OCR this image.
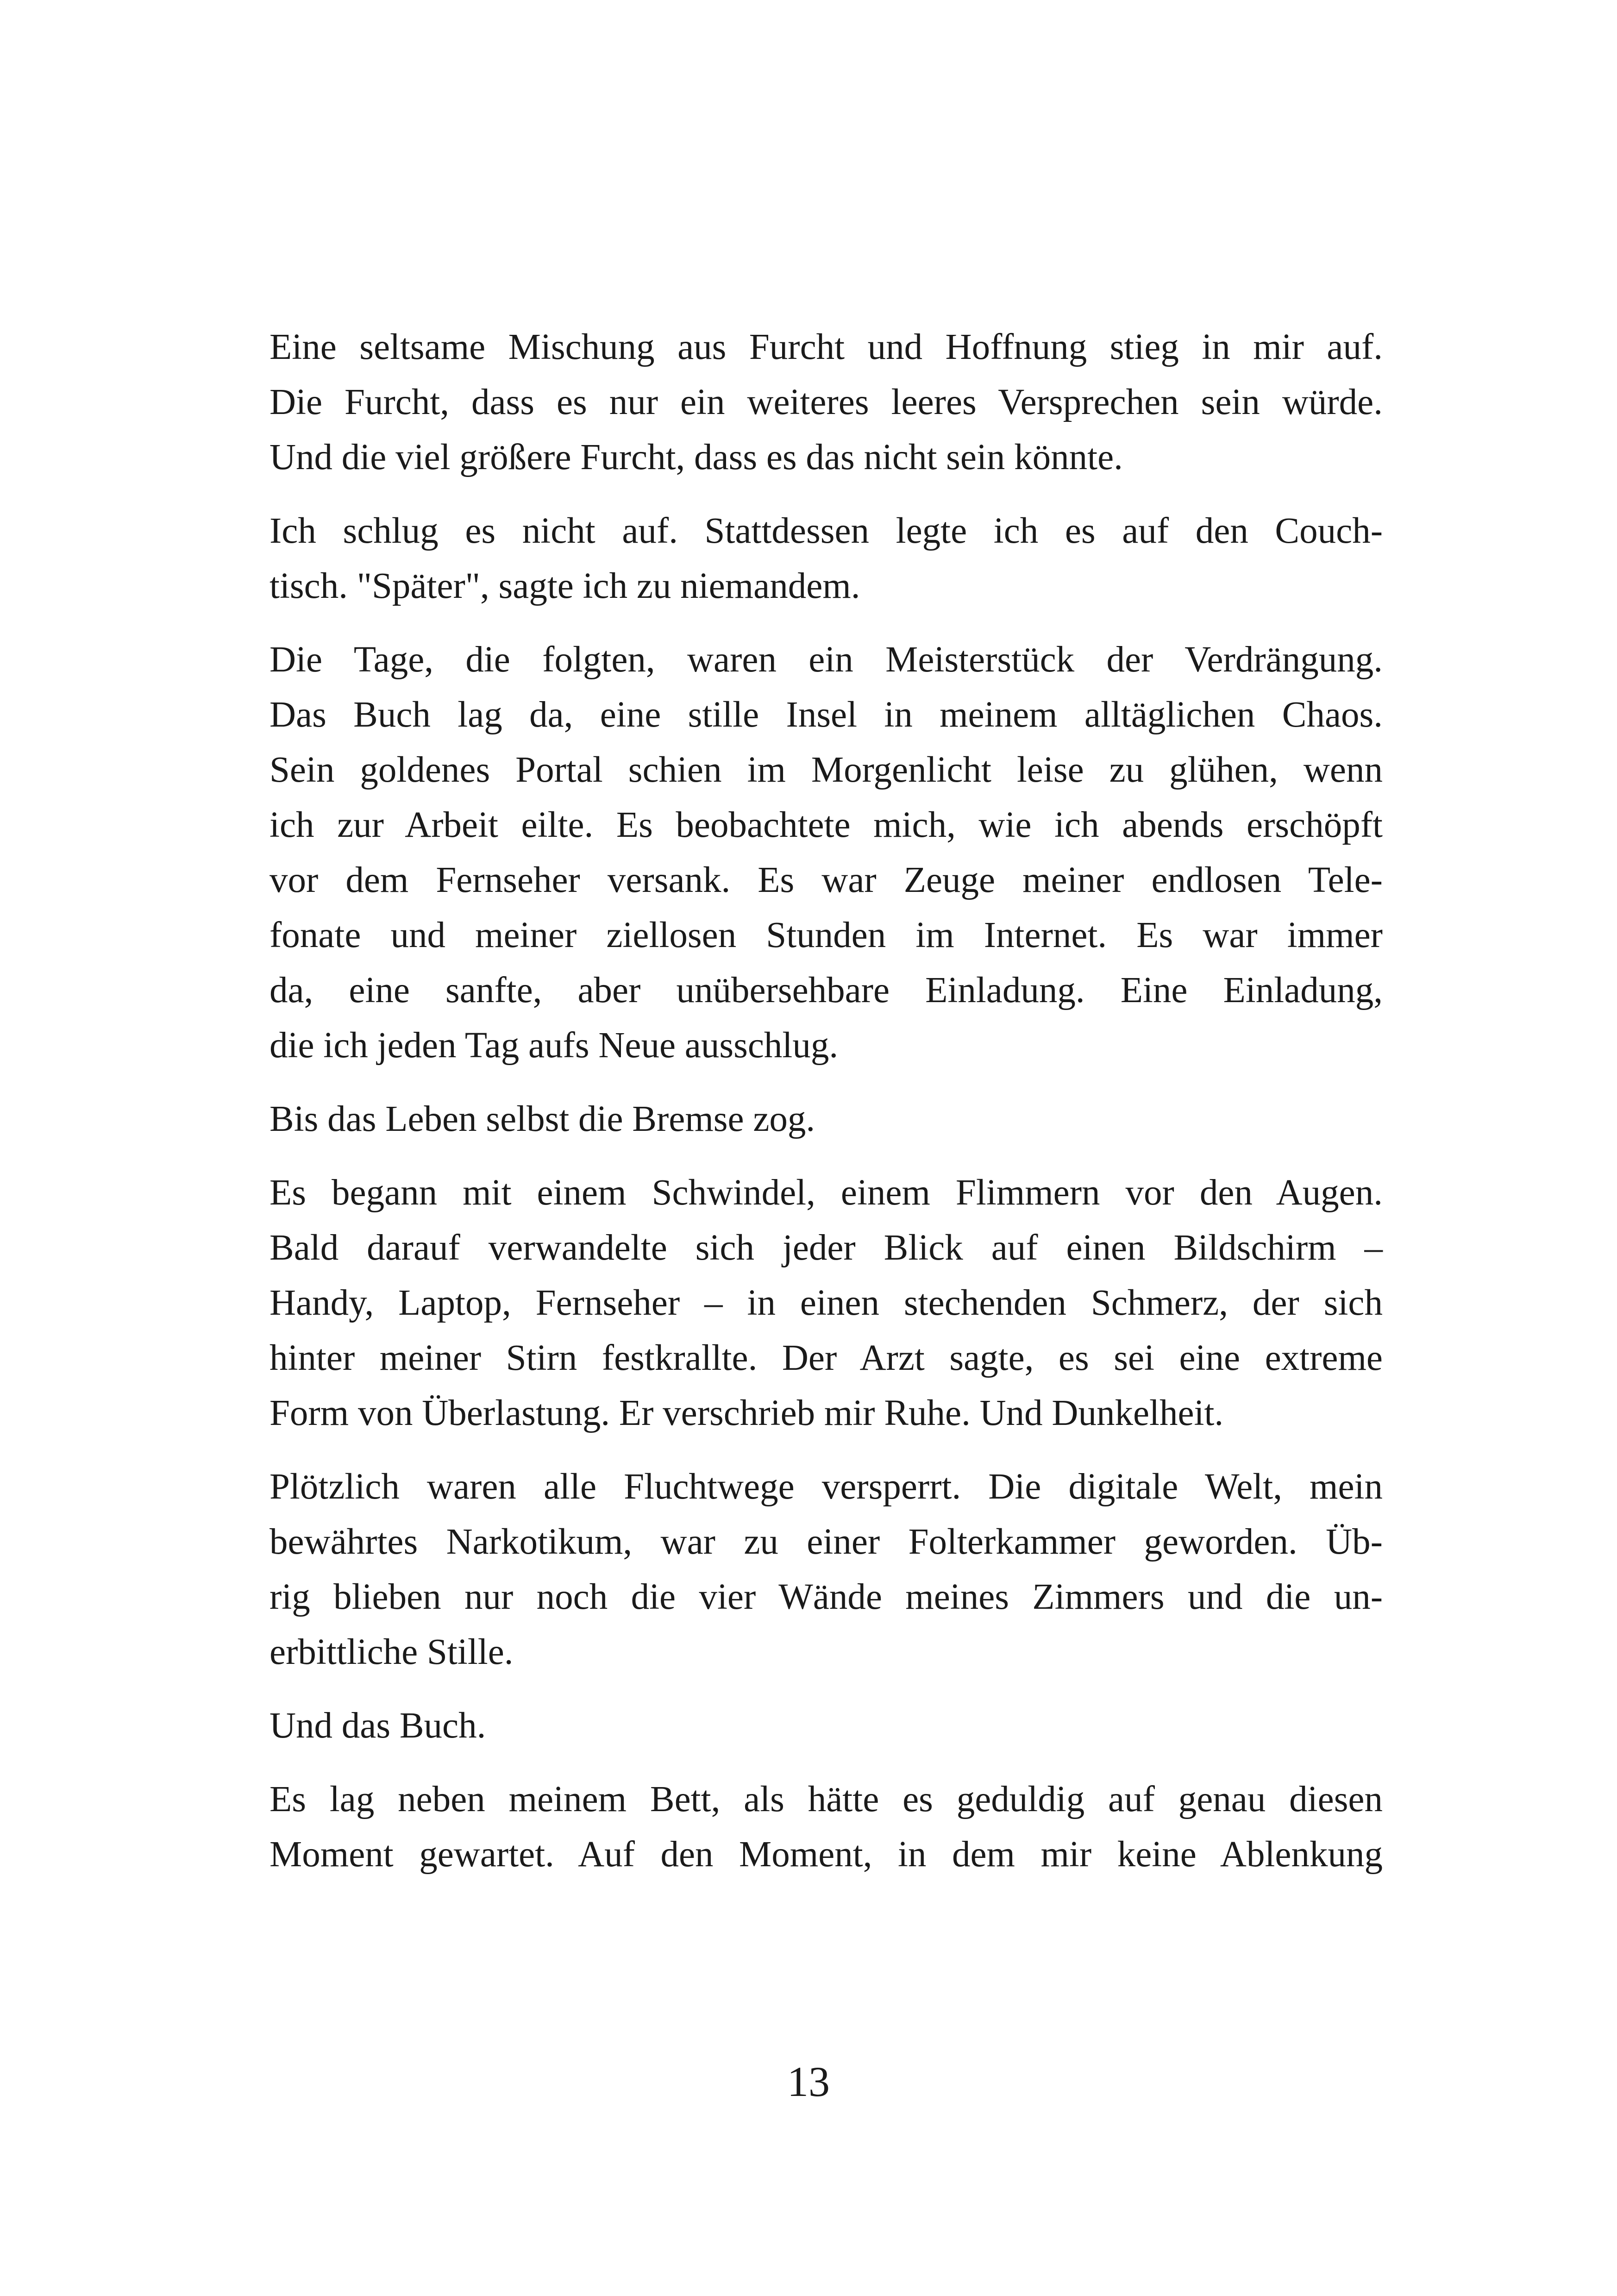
Eine seltsame Mischung aus Furcht und Hoffnung stieg in mir auf.
Die Furcht, dass es nur ein weiteres leeres Versprechen sein würde.
Und die viel größere Furcht, dass es das nicht sein könnte.
Ich schlug es nicht auf. Stattdessen legte ich es auf den Couch-
tisch. "Später", sagte ich zu niemandem.
Die Tage, die folgten, waren ein Meisterstück der Verdrängung.
Das Buch lag da, eine stille Insel in meinem alltäglichen Chaos.
Sein goldenes Portal schien im Morgenlicht leise zu glühen, wenn
ich zur Arbeit eilte. Es beobachtete mich, wie ich abends erschöpft
vor dem Fernseher versank. Es war Zeuge meiner endlosen Tele-
fonate und meiner ziellosen Stunden im Internet. Es war immer
da, eine sanfte, aber unübersehbare Einladung. Eine Einladung,
die ich jeden Tag aufs Neue ausschlug.
Bis das Leben selbst die Bremse zog.
Es begann mit einem Schwindel, einem Flimmern vor den Augen.
Bald darauf verwandelte sich jeder Blick auf einen Bildschirm –
Handy, Laptop, Fernseher – in einen stechenden Schmerz, der sich
hinter meiner Stirn festkrallte. Der Arzt sagte, es sei eine extreme
Form von Überlastung. Er verschrieb mir Ruhe. Und Dunkelheit.
Plötzlich waren alle Fluchtwege versperrt. Die digitale Welt, mein
bewährtes Narkotikum, war zu einer Folterkammer geworden. Üb-
rig blieben nur noch die vier Wände meines Zimmers und die un-
erbittliche Stille.
Und das Buch.
Es lag neben meinem Bett, als hätte es geduldig auf genau diesen
Moment gewartet. Auf den Moment, in dem mir keine Ablenkung
13
